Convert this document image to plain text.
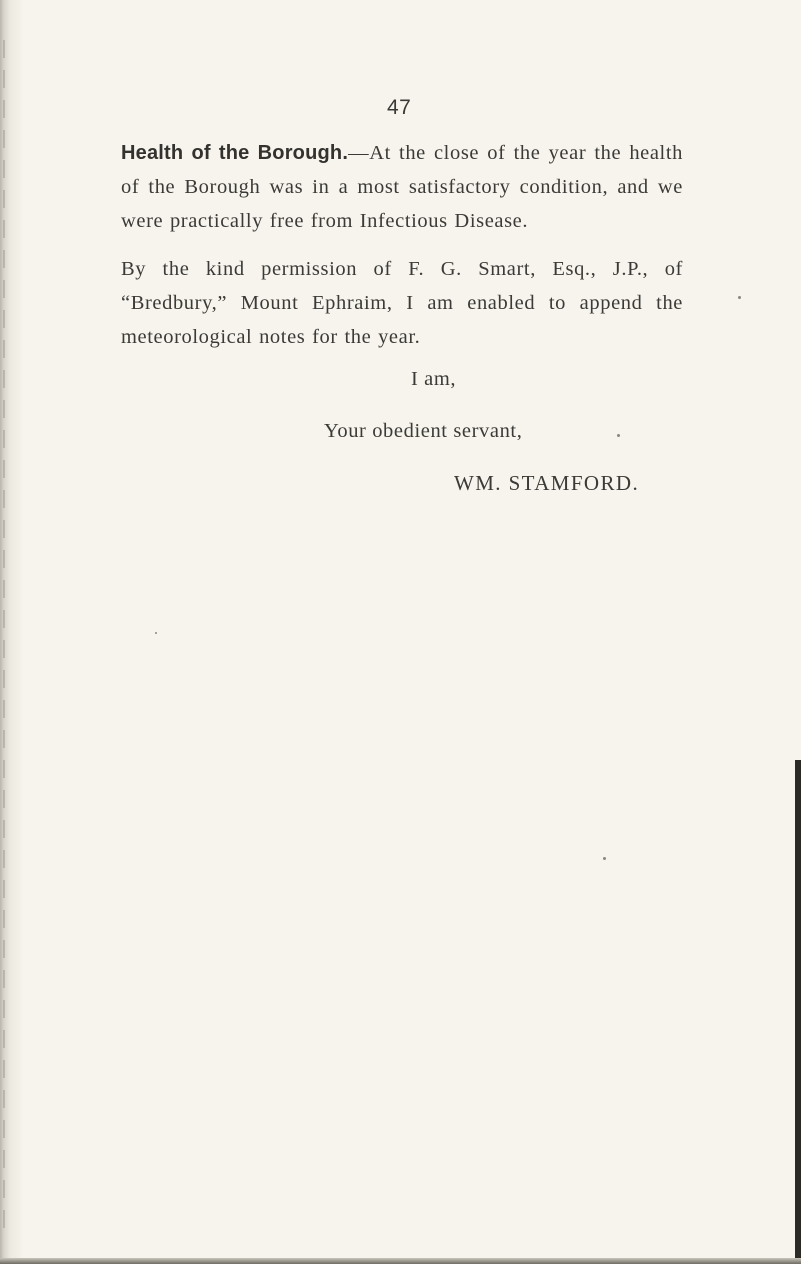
47
Health of the Borough.—At the close of the year the health of the Borough was in a most satisfactory condition, and we were practically free from Infectious Disease.
By the kind permission of F. G. Smart, Esq., J.P., of “Bredbury,” Mount Ephraim, I am enabled to append the meteorological notes for the year.
I am,
Your obedient servant,
WM. STAMFORD.
